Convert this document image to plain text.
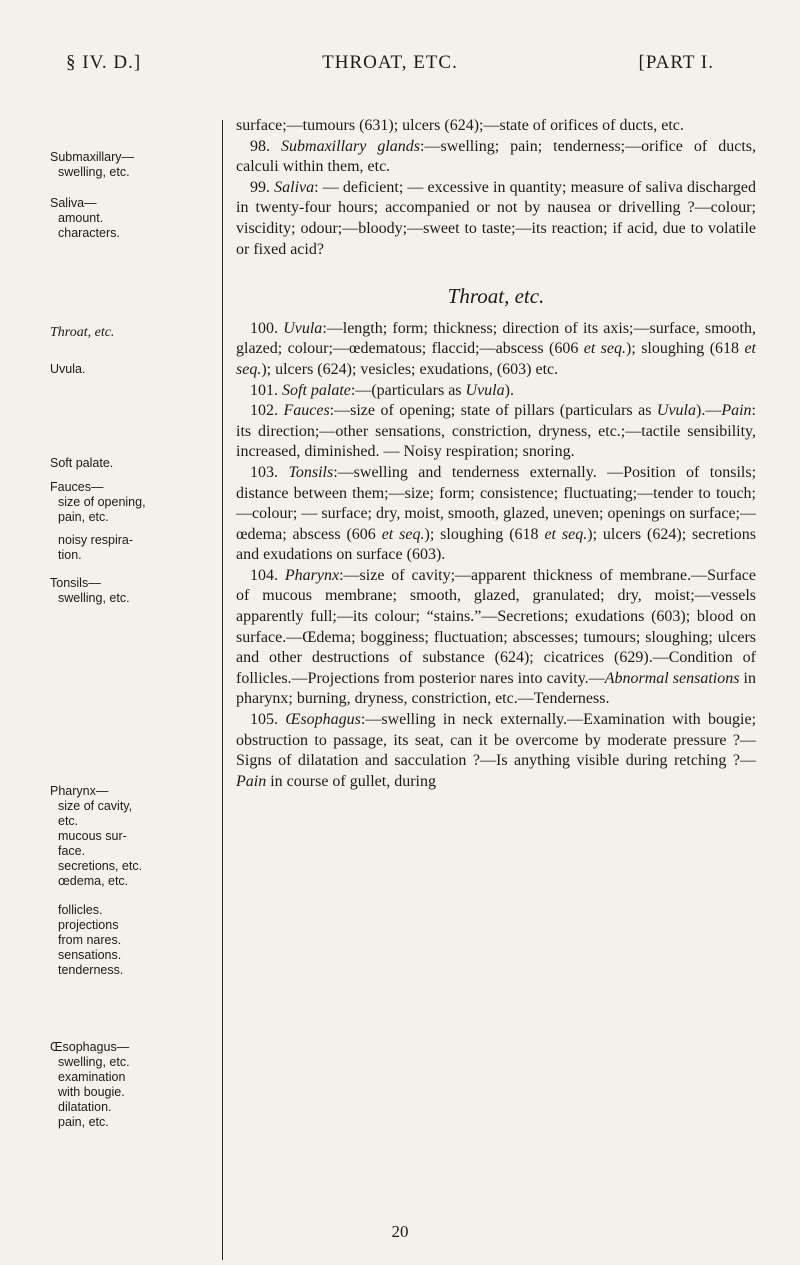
§ IV. D.]	THROAT, ETC.	[PART I.
Submaxillary—
swelling, etc.
Saliva—
amount.
characters.
Throat, etc.
Uvula.
Soft palate.
Fauces—
size of opening,
pain, etc.
noisy respira-
tion.
Tonsils—
swelling, etc.
Pharynx—
size of cavity,
etc.
mucous sur-
face.
secretions, etc.
œdema, etc.
follicles.
projections
from nares.
sensations.
tenderness.
Œsophagus—
swelling, etc.
examination
with bougie.
dilatation.
pain, etc.

surface;—tumours (631); ulcers (624);—state of orifices of ducts, etc.

98. Submaxillary glands:—swelling; pain; tenderness;—orifice of ducts, calculi within them, etc.

99. Saliva: — deficient; — excessive in quantity; measure of saliva discharged in twenty-four hours; accompanied or not by nausea or drivelling ?—colour; viscidity; odour;—bloody;—sweet to taste;—its reaction; if acid, due to volatile or fixed acid?

Throat, etc.

100. Uvula:—length; form; thickness; direction of its axis;—surface, smooth, glazed; colour;—œdematous; flaccid;—abscess (606 et seq.); sloughing (618 et seq.); ulcers (624); vesicles; exudations, (603) etc.

101. Soft palate:—(particulars as Uvula).

102. Fauces:—size of opening; state of pillars (particulars as Uvula).—Pain: its direction;—other sensations, constriction, dryness, etc.;—tactile sensibility, increased, diminished. — Noisy respiration; snoring.

103. Tonsils:—swelling and tenderness externally. —Position of tonsils; distance between them;—size; form; consistence; fluctuating;—tender to touch; —colour; — surface; dry, moist, smooth, glazed, uneven; openings on surface;—œdema; abscess (606 et seq.); sloughing (618 et seq.); ulcers (624); secretions and exudations on surface (603).

104. Pharynx:—size of cavity;—apparent thickness of membrane.—Surface of mucous membrane; smooth, glazed, granulated; dry, moist;—vessels apparently full;—its colour; “stains.”—Secretions; exudations (603); blood on surface.—Œdema; bogginess; fluctuation; abscesses; tumours; sloughing; ulcers and other destructions of substance (624); cicatrices (629).—Condition of follicles.—Projections from posterior nares into cavity.—Abnormal sensations in pharynx; burning, dryness, constriction, etc.—Tenderness.

105. Œsophagus:—swelling in neck externally.—Examination with bougie; obstruction to passage, its seat, can it be overcome by moderate pressure ?—Signs of dilatation and sacculation ?—Is anything visible during retching ?—Pain in course of gullet, during

20
